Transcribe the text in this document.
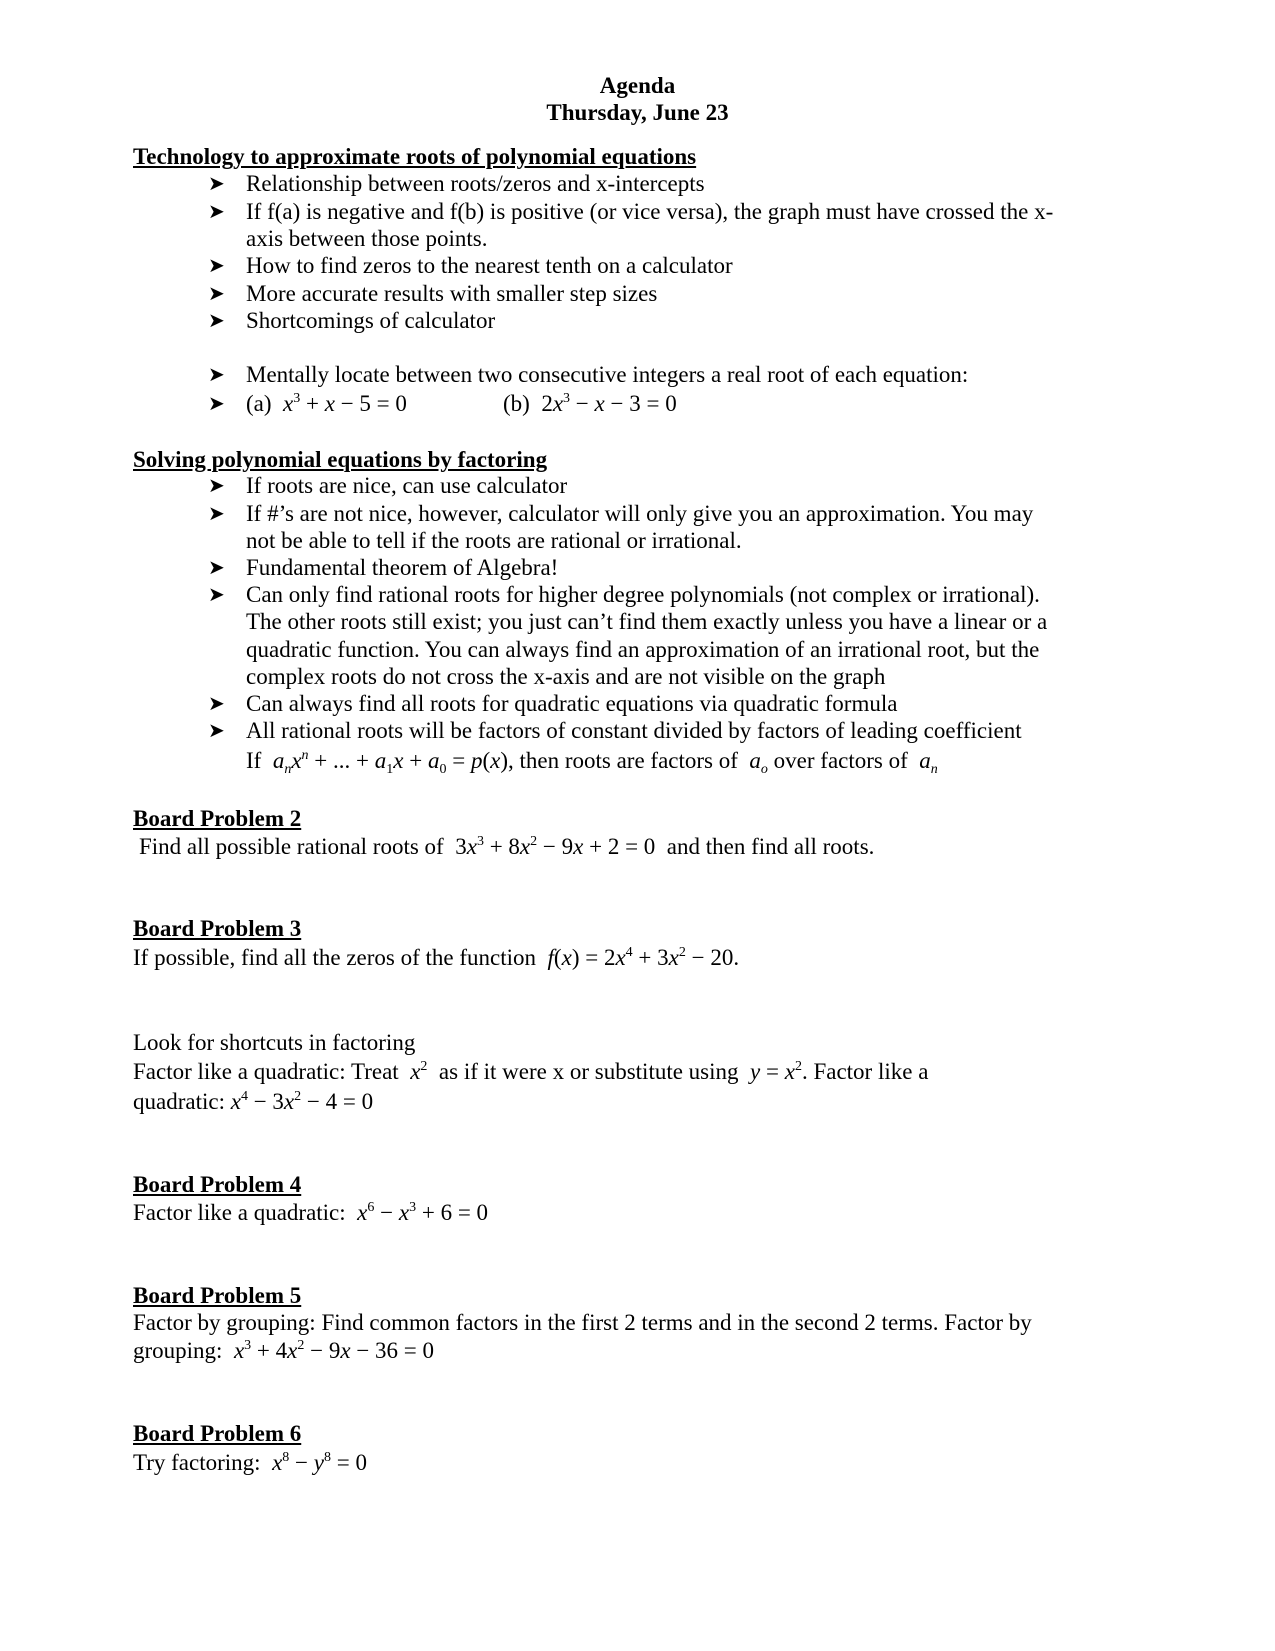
Agenda
Thursday, June 23
Technology to approximate roots of polynomial equations
➤ Relationship between roots/zeros and x-intercepts
➤ If f(a) is negative and f(b) is positive (or vice versa), the graph must have crossed the x-
axis between those points.
➤ How to find zeros to the nearest tenth on a calculator
➤ More accurate results with smaller step sizes
➤ Shortcomings of calculator
➤ Mentally locate between two consecutive integers a real root of each equation:
➤ (a) $x^3 + x - 5 = 0$	(b)  $2x^3 - x - 3 = 0$
Solving polynomial equations by factoring
➤ If roots are nice, can use calculator
➤ If #’s are not nice, however, calculator will only give you an approximation. You may
not be able to tell if the roots are rational or irrational.
➤ Fundamental theorem of Algebra!
➤ Can only find rational roots for higher degree polynomials (not complex or irrational).
The other roots still exist; you just can’t find them exactly unless you have a linear or a
quadratic function. You can always find an approximation of an irrational root, but the
complex roots do not cross the x-axis and are not visible on the graph
➤ Can always find all roots for quadratic equations via quadratic formula
➤ All rational roots will be factors of constant divided by factors of leading coefficient
If $a_nx^n$ + ... + $a_1x + a_0 = p(x)$, then roots are factors of $a_o$ over factors of $a_n$
Board Problem 2
Find all possible rational roots of  $3x^3 + 8x^2 - 9x + 2 = 0$  and then find all roots.
Board Problem 3
If possible, find all the zeros of the function $f(x) = 2x^4 + 3x^2 - 20$.
Look for shortcuts in factoring
Factor like a quadratic: Treat $x^2$ as if it were x or substitute using $y = x^2$. Factor like a
quadratic: $x^4 - 3x^2 - 4 = 0$
Board Problem 4
Factor like a quadratic: $x^6 - x^3 + 6 = 0$
Board Problem 5
Factor by grouping: Find common factors in the first 2 terms and in the second 2 terms. Factor by
grouping: $x^3 + 4x^2 - 9x - 36 = 0$
Board Problem 6
Try factoring: $x^8 - y^8 = 0$
